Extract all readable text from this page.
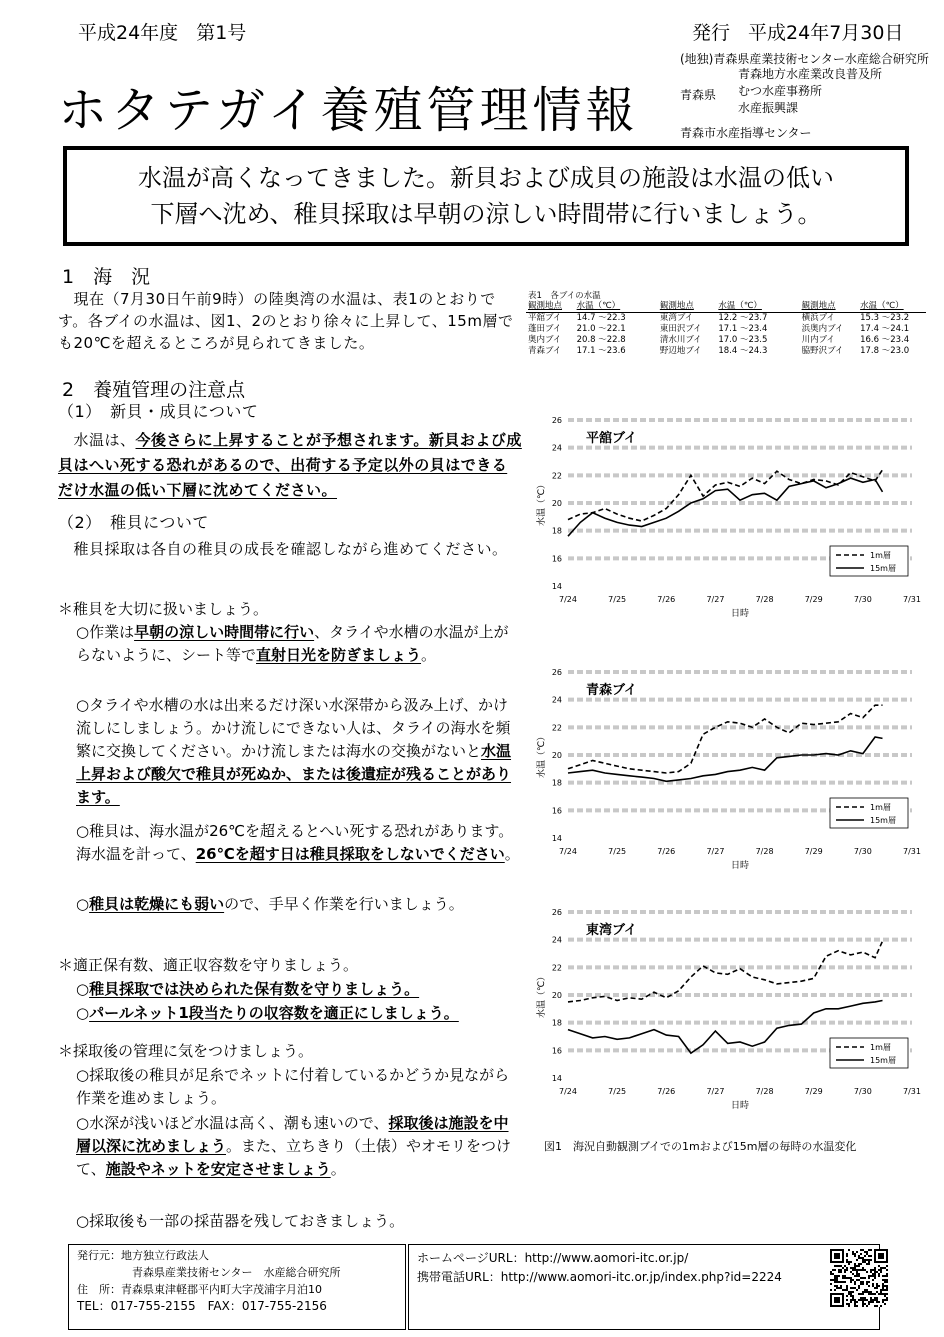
平成24年度 第1号	発行 平成24年7月30日
ホタテガイ養殖管理情報
(地独)青森県産業技術センター水産総合研究所
青森県
青森地方水産業改良普及所
むつ水産事務所
水産振興課
青森市水産指導センター
水温が高くなってきました。新貝および成貝の施設は水温の低い
下層へ沈め、稚貝採取は早朝の涼しい時間帯に行いましょう。
1　海　況
　現在（7月30日午前9時）の陸奥湾の水温は、表1のとおりです。各ブイの水温は、図1、2のとおり徐々に上昇して、15m層でも20℃を超えるところが見られてきました。
表1　各ブイの水温
観測地点	水温（℃）	観測地点	水温（℃）	観測地点	水温（℃）
平舘ブイ	14.7 ～22.3	東湾ブイ	12.2 ～23.7	横浜ブイ	15.3 ～23.2
蓬田ブイ	21.0 ～22.1	東田沢ブイ	17.1 ～23.4	浜奥内ブイ	17.4 ～24.1
奥内ブイ	20.8 ～22.8	清水川ブイ	17.0 ～23.5	川内ブイ	16.6 ～23.4
青森ブイ	17.1 ～23.6	野辺地ブイ	18.4 ～24.3	脇野沢ブイ	17.8 ～23.0
2　養殖管理の注意点
（1）　新貝・成貝について
　水温は、今後さらに上昇することが予想されます。新貝および成貝はへい死する恐れがあるので、出荷する予定以外の貝はできるだけ水温の低い下層に沈めてください。
（2）　稚貝について
　稚貝採取は各自の稚貝の成長を確認しながら進めてください。
＊稚貝を大切に扱いましょう。
○作業は早朝の涼しい時間帯に行い、タライや水槽の水温が上がらないように、シート等で直射日光を防ぎましょう。
○タライや水槽の水は出来るだけ深い水深帯から汲み上げ、かけ流しにしましょう。かけ流しにできない人は、タライの海水を頻繁に交換してください。かけ流しまたは海水の交換がないと水温上昇および酸欠で稚貝が死ぬか、または後遺症が残ることがあります。
○稚貝は、海水温が26℃を超えるとへい死する恐れがあります。海水温を計って、26℃を超す日は稚貝採取をしないでください。
○稚貝は乾燥にも弱いので、手早く作業を行いましょう。
＊適正保有数、適正収容数を守りましょう。
○稚貝採取では決められた保有数を守りましょう。
○パールネット1段当たりの収容数を適正にしましょう。
＊採取後の管理に気をつけましょう。
○採取後の稚貝が足糸でネットに付着しているかどうか見ながら作業を進めましょう。
○水深が浅いほど水温は高く、潮も速いので、採取後は施設を中層以深に沈めましょう。また、立ちきり（土俵）やオモリをつけて、施設やネットを安定させましょう。
○採取後も一部の採苗器を残しておきましょう。
14
16
18
20
22
24
26
7/24	7/25	7/26	7/27	7/28	7/29	7/30	7/31
日時
水温（℃）
平舘ブイ
1m層
15m層
14
16
18
20
22
24
26
7/24	7/25	7/26	7/27	7/28	7/29	7/30	7/31
日時
水温（℃）
青森ブイ
1m層
15m層
14
16
18
20
22
24
26
7/24	7/25	7/26	7/27	7/28	7/29	7/30	7/31
日時
水温（℃）
東湾ブイ
1m層
15m層
図1　海況自動観測ブイでの1mおよび15m層の毎時の水温変化
発行元：地方独立行政法人
　　　　　青森県産業技術センター　水産総合研究所
住　所：青森県東津軽郡平内町大字茂浦字月泊10
TEL：017-755-2155　FAX：017-755-2156
ホームページURL：http://www.aomori-itc.or.jp/
携帯電話URL：http://www.aomori-itc.or.jp/index.php?id=2224
